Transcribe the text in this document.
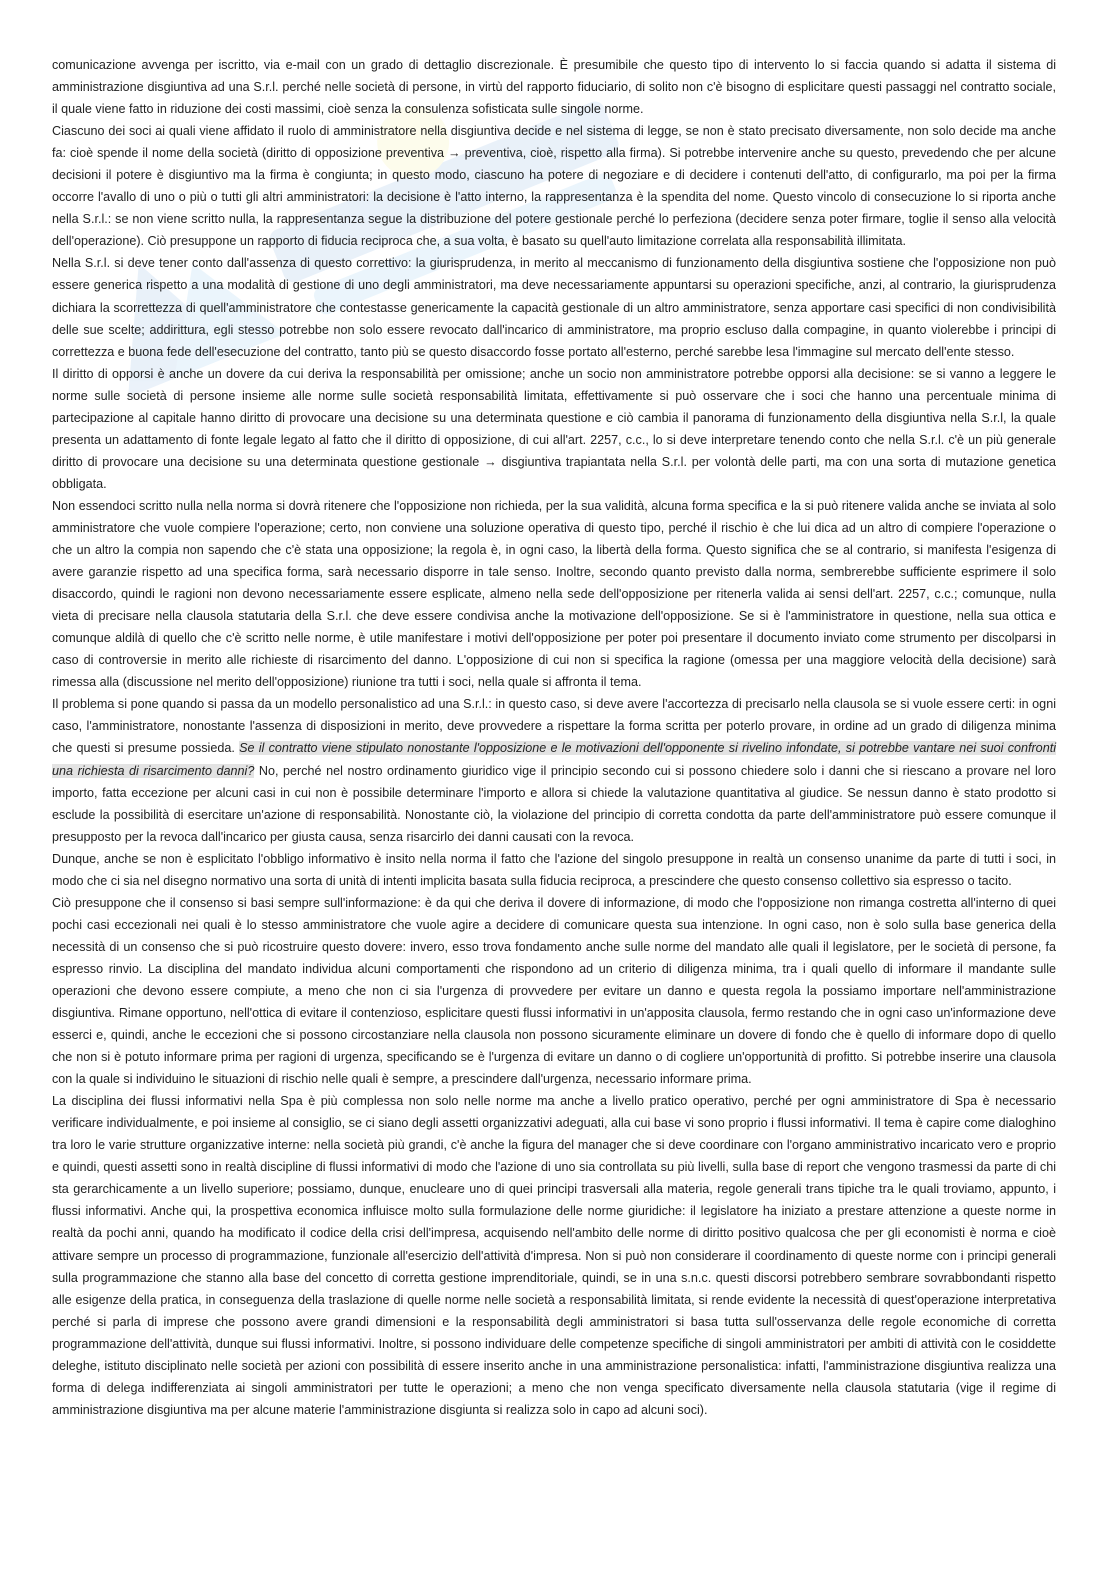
comunicazione avvenga per iscritto, via e-mail con un grado di dettaglio discrezionale. È presumibile che questo tipo di intervento lo si faccia quando si adatta il sistema di amministrazione disgiuntiva ad una S.r.l. perché nelle società di persone, in virtù del rapporto fiduciario, di solito non c'è bisogno di esplicitare questi passaggi nel contratto sociale, il quale viene fatto in riduzione dei costi massimi, cioè senza la consulenza sofisticata sulle singole norme.

Ciascuno dei soci ai quali viene affidato il ruolo di amministratore nella disgiuntiva decide e nel sistema di legge, se non è stato precisato diversamente, non solo decide ma anche fa: cioè spende il nome della società (diritto di opposizione preventiva → preventiva, cioè, rispetto alla firma). Si potrebbe intervenire anche su questo, prevedendo che per alcune decisioni il potere è disgiuntivo ma la firma è congiunta; in questo modo, ciascuno ha potere di negoziare e di decidere i contenuti dell'atto, di configurarlo, ma poi per la firma occorre l'avallo di uno o più o tutti gli altri amministratori: la decisione è l'atto interno, la rappresentanza è la spendita del nome. Questo vincolo di consecuzione lo si riporta anche nella S.r.l.: se non viene scritto nulla, la rappresentanza segue la distribuzione del potere gestionale perché lo perfeziona (decidere senza poter firmare, toglie il senso alla velocità dell'operazione). Ciò presuppone un rapporto di fiducia reciproca che, a sua volta, è basato su quell'auto limitazione correlata alla responsabilità illimitata.

Nella S.r.l. si deve tener conto dall'assenza di questo correttivo: la giurisprudenza, in merito al meccanismo di funzionamento della disgiuntiva sostiene che l'opposizione non può essere generica rispetto a una modalità di gestione di uno degli amministratori, ma deve necessariamente appuntarsi su operazioni specifiche, anzi, al contrario, la giurisprudenza dichiara la scorrettezza di quell'amministratore che contestasse genericamente la capacità gestionale di un altro amministratore, senza apportare casi specifici di non condivisibilità delle sue scelte; addirittura, egli stesso potrebbe non solo essere revocato dall'incarico di amministratore, ma proprio escluso dalla compagine, in quanto violerebbe i principi di correttezza e buona fede dell'esecuzione del contratto, tanto più se questo disaccordo fosse portato all'esterno, perché sarebbe lesa l'immagine sul mercato dell'ente stesso.

Il diritto di opporsi è anche un dovere da cui deriva la responsabilità per omissione; anche un socio non amministratore potrebbe opporsi alla decisione: se si vanno a leggere le norme sulle società di persone insieme alle norme sulle società responsabilità limitata, effettivamente si può osservare che i soci che hanno una percentuale minima di partecipazione al capitale hanno diritto di provocare una decisione su una determinata questione e ciò cambia il panorama di funzionamento della disgiuntiva nella S.r.l, la quale presenta un adattamento di fonte legale legato al fatto che il diritto di opposizione, di cui all'art. 2257, c.c., lo si deve interpretare tenendo conto che nella S.r.l. c'è un più generale diritto di provocare una decisione su una determinata questione gestionale → disgiuntiva trapiantata nella S.r.l. per volontà delle parti, ma con una sorta di mutazione genetica obbligata.

Non essendoci scritto nulla nella norma si dovrà ritenere che l'opposizione non richieda, per la sua validità, alcuna forma specifica e la si può ritenere valida anche se inviata al solo amministratore che vuole compiere l'operazione; certo, non conviene una soluzione operativa di questo tipo, perché il rischio è che lui dica ad un altro di compiere l'operazione o che un altro la compia non sapendo che c'è stata una opposizione; la regola è, in ogni caso, la libertà della forma. Questo significa che se al contrario, si manifesta l'esigenza di avere garanzie rispetto ad una specifica forma, sarà necessario disporre in tale senso. Inoltre, secondo quanto previsto dalla norma, sembrerebbe sufficiente esprimere il solo disaccordo, quindi le ragioni non devono necessariamente essere esplicate, almeno nella sede dell'opposizione per ritenerla valida ai sensi dell'art. 2257, c.c.; comunque, nulla vieta di precisare nella clausola statutaria della S.r.l. che deve essere condivisa anche la motivazione dell'opposizione. Se si è l'amministratore in questione, nella sua ottica e comunque aldilà di quello che c'è scritto nelle norme, è utile manifestare i motivi dell'opposizione per poter poi presentare il documento inviato come strumento per discolparsi in caso di controversie in merito alle richieste di risarcimento del danno. L'opposizione di cui non si specifica la ragione (omessa per una maggiore velocità della decisione) sarà rimessa alla (discussione nel merito dell'opposizione) riunione tra tutti i soci, nella quale si affronta il tema.

Il problema si pone quando si passa da un modello personalistico ad una S.r.l.: in questo caso, si deve avere l'accortezza di precisarlo nella clausola se si vuole essere certi: in ogni caso, l'amministratore, nonostante l'assenza di disposizioni in merito, deve provvedere a rispettare la forma scritta per poterlo provare, in ordine ad un grado di diligenza minima che questi si presume possieda. Se il contratto viene stipulato nonostante l'opposizione e le motivazioni dell'opponente si rivelino infondate, si potrebbe vantare nei suoi confronti una richiesta di risarcimento danni? No, perché nel nostro ordinamento giuridico vige il principio secondo cui si possono chiedere solo i danni che si riescano a provare nel loro importo, fatta eccezione per alcuni casi in cui non è possibile determinare l'importo e allora si chiede la valutazione quantitativa al giudice. Se nessun danno è stato prodotto si esclude la possibilità di esercitare un'azione di responsabilità. Nonostante ciò, la violazione del principio di corretta condotta da parte dell'amministratore può essere comunque il presupposto per la revoca dall'incarico per giusta causa, senza risarcirlo dei danni causati con la revoca.

Dunque, anche se non è esplicitato l'obbligo informativo è insito nella norma il fatto che l'azione del singolo presuppone in realtà un consenso unanime da parte di tutti i soci, in modo che ci sia nel disegno normativo una sorta di unità di intenti implicita basata sulla fiducia reciproca, a prescindere che questo consenso collettivo sia espresso o tacito.

Ciò presuppone che il consenso si basi sempre sull'informazione: è da qui che deriva il dovere di informazione, di modo che l'opposizione non rimanga costretta all'interno di quei pochi casi eccezionali nei quali è lo stesso amministratore che vuole agire a decidere di comunicare questa sua intenzione. In ogni caso, non è solo sulla base generica della necessità di un consenso che si può ricostruire questo dovere: invero, esso trova fondamento anche sulle norme del mandato alle quali il legislatore, per le società di persone, fa espresso rinvio. La disciplina del mandato individua alcuni comportamenti che rispondono ad un criterio di diligenza minima, tra i quali quello di informare il mandante sulle operazioni che devono essere compiute, a meno che non ci sia l'urgenza di provvedere per evitare un danno e questa regola la possiamo importare nell'amministrazione disgiuntiva. Rimane opportuno, nell'ottica di evitare il contenzioso, esplicitare questi flussi informativi in un'apposita clausola, fermo restando che in ogni caso un'informazione deve esserci e, quindi, anche le eccezioni che si possono circostanziare nella clausola non possono sicuramente eliminare un dovere di fondo che è quello di informare dopo di quello che non si è potuto informare prima per ragioni di urgenza, specificando se è l'urgenza di evitare un danno o di cogliere un'opportunità di profitto. Si potrebbe inserire una clausola con la quale si individuino le situazioni di rischio nelle quali è sempre, a prescindere dall'urgenza, necessario informare prima.

La disciplina dei flussi informativi nella Spa è più complessa non solo nelle norme ma anche a livello pratico operativo, perché per ogni amministratore di Spa è necessario verificare individualmente, e poi insieme al consiglio, se ci siano degli assetti organizzativi adeguati, alla cui base vi sono proprio i flussi informativi. Il tema è capire come dialoghino tra loro le varie strutture organizzative interne: nella società più grandi, c'è anche la figura del manager che si deve coordinare con l'organo amministrativo incaricato vero e proprio e quindi, questi assetti sono in realtà discipline di flussi informativi di modo che l'azione di uno sia controllata su più livelli, sulla base di report che vengono trasmessi da parte di chi sta gerarchicamente a un livello superiore; possiamo, dunque, enucleare uno di quei principi trasversali alla materia, regole generali trans tipiche tra le quali troviamo, appunto, i flussi informativi. Anche qui, la prospettiva economica influisce molto sulla formulazione delle norme giuridiche: il legislatore ha iniziato a prestare attenzione a queste norme in realtà da pochi anni, quando ha modificato il codice della crisi dell'impresa, acquisendo nell'ambito delle norme di diritto positivo qualcosa che per gli economisti è norma e cioè attivare sempre un processo di programmazione, funzionale all'esercizio dell'attività d'impresa. Non si può non considerare il coordinamento di queste norme con i principi generali sulla programmazione che stanno alla base del concetto di corretta gestione imprenditoriale, quindi, se in una s.n.c. questi discorsi potrebbero sembrare sovrabbondanti rispetto alle esigenze della pratica, in conseguenza della traslazione di quelle norme nelle società a responsabilità limitata, si rende evidente la necessità di quest'operazione interpretativa perché si parla di imprese che possono avere grandi dimensioni e la responsabilità degli amministratori si basa tutta sull'osservanza delle regole economiche di corretta programmazione dell'attività, dunque sui flussi informativi. Inoltre, si possono individuare delle competenze specifiche di singoli amministratori per ambiti di attività con le cosiddette deleghe, istituto disciplinato nelle società per azioni con possibilità di essere inserito anche in una amministrazione personalistica: infatti, l'amministrazione disgiuntiva realizza una forma di delega indifferenziata ai singoli amministratori per tutte le operazioni; a meno che non venga specificato diversamente nella clausola statutaria (vige il regime di amministrazione disgiuntiva ma per alcune materie l'amministrazione disgiunta si realizza solo in capo ad alcuni soci).
